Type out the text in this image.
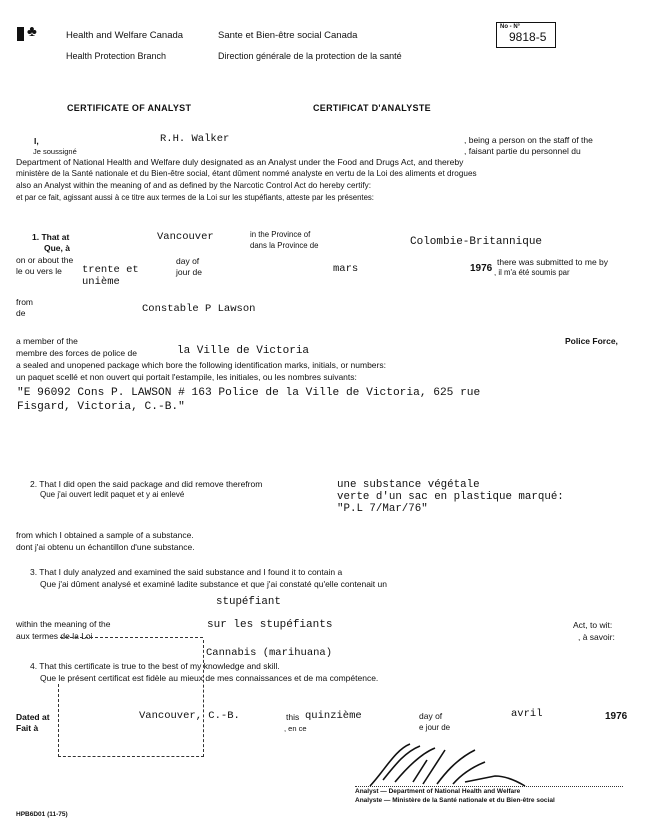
♣	Health and Welfare Canada	Sante et Bien-être social Canada
Health Protection Branch	Direction générale de la protection de la santé
No - N°
9818-5
CERTIFICATE OF ANALYST	CERTIFICAT D'ANALYSTE
I,
Je soussigné
R.H. Walker	, being a person on the staff of the
, faisant partie du personnel du
Department of National Health and Welfare duly designated as an Analyst under the Food and Drugs Act, and thereby
ministère de la Santé nationale et du Bien-être social, étant dûment nommé analyste en vertu de la Loi des aliments et drogues
also an Analyst within the meaning of and as defined by the Narcotic Control Act do hereby certify:
et par ce fait, agissant aussi à ce titre aux termes de la Loi sur les stupéfiants, atteste par les présentes:
1. That at
Que, à
Vancouver	in the Province of
dans la Province de	Colombie-Britannique
on or about the
le ou vers le trente et
unième
day of
jour de	mars	1976
there was submitted to me by
, il m'a été soumis par
from
de	Constable P Lawson
a member of the
membre des forces de police de	la Ville de Victoria
Police Force,
a sealed and unopened package which bore the following identification marks, initials, or numbers:
un paquet scellé et non ouvert qui portait l'estampile, les initiales, ou les nombres suivants:
"E 96092 Cons P. LAWSON # 163 Police de la Ville de Victoria, 625 rue
Fisgard, Victoria, C.-B."
2. That I did open the said package and did remove therefrom
Que j'ai ouvert ledit paquet et y ai enlevé
une substance végétale
verte d'un sac en plastique marqué:
"P.L 7/Mar/76"
from which I obtained a sample of a substance.
dont j'ai obtenu un échantillon d'une substance.
3. That I duly analyzed and examined the said substance and I found it to contain a
Que j'ai dûment analysé et examiné ladite substance et que j'ai constaté qu'elle contenait un
stupéfiant
within the meaning of the
aux termes de la Loi
sur les stupéfiants	Act, to wit:
, à savoir:
Cannabis (marihuana)
4. That this certificate is true to the best of my knowledge and skill.
Que le présent certificat est fidèle au mieux de mes connaissances et de ma compétence.
Dated at
Fait à
Vancouver, C.-B.	this
, en ce
quinzième	day of
e jour de
avril	1976
Analyst — Department of National Health and Welfare
Analyste — Ministère de la Santé nationale et du Bien-être social
HPB6D01 (11-75)
